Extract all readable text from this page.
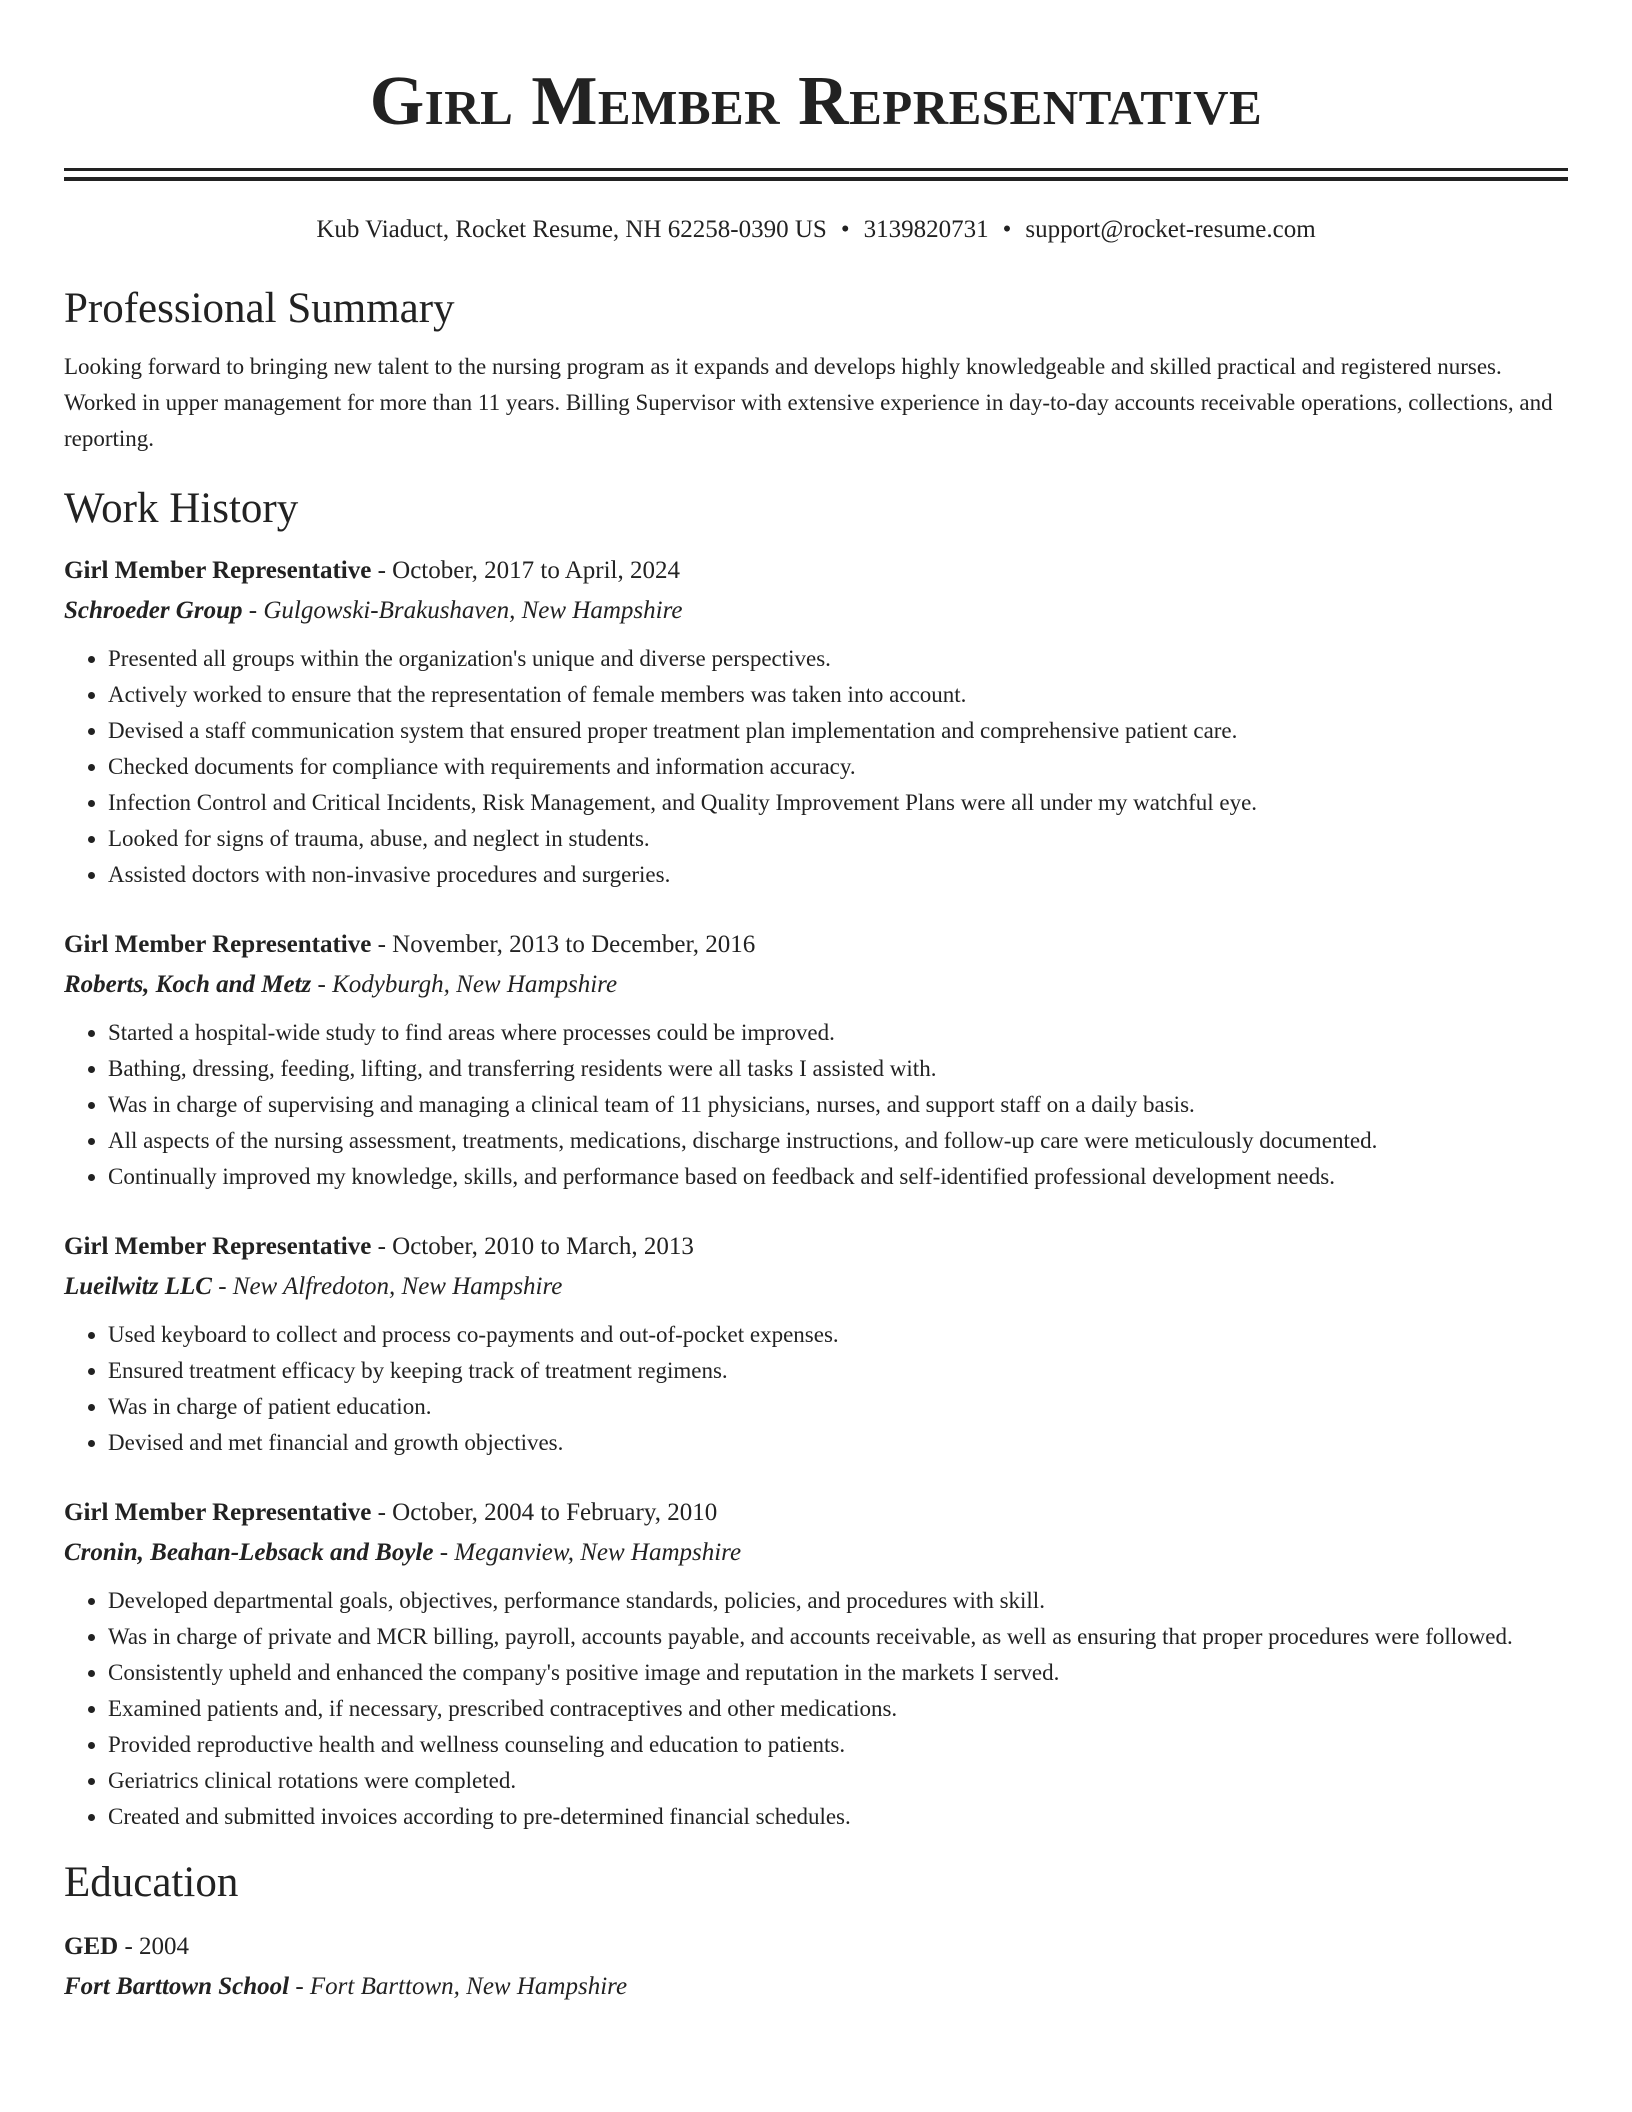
Girl Member Representative
Kub Viaduct, Rocket Resume, NH 62258-0390 US • 3139820731 • support@rocket-resume.com
Professional Summary

Looking forward to bringing new talent to the nursing program as it expands and develops highly knowledgeable and skilled practical and registered nurses. Worked in upper management for more than 11 years. Billing Supervisor with extensive experience in day-to-day accounts receivable operations, collections, and reporting.

Work History
Girl Member Representative - October, 2017 to April, 2024
Schroeder Group - Gulgowski-Brakushaven, New Hampshire
• Presented all groups within the organization's unique and diverse perspectives.
• Actively worked to ensure that the representation of female members was taken into account.
• Devised a staff communication system that ensured proper treatment plan implementation and comprehensive patient care.
• Checked documents for compliance with requirements and information accuracy.
• Infection Control and Critical Incidents, Risk Management, and Quality Improvement Plans were all under my watchful eye.
• Looked for signs of trauma, abuse, and neglect in students.
• Assisted doctors with non-invasive procedures and surgeries.
Girl Member Representative - November, 2013 to December, 2016
Roberts, Koch and Metz - Kodyburgh, New Hampshire
• Started a hospital-wide study to find areas where processes could be improved.
• Bathing, dressing, feeding, lifting, and transferring residents were all tasks I assisted with.
• Was in charge of supervising and managing a clinical team of 11 physicians, nurses, and support staff on a daily basis.
• All aspects of the nursing assessment, treatments, medications, discharge instructions, and follow-up care were meticulously documented.
• Continually improved my knowledge, skills, and performance based on feedback and self-identified professional development needs.
Girl Member Representative - October, 2010 to March, 2013
Lueilwitz LLC - New Alfredoton, New Hampshire
• Used keyboard to collect and process co-payments and out-of-pocket expenses.
• Ensured treatment efficacy by keeping track of treatment regimens.
• Was in charge of patient education.
• Devised and met financial and growth objectives.
Girl Member Representative - October, 2004 to February, 2010
Cronin, Beahan-Lebsack and Boyle - Meganview, New Hampshire
• Developed departmental goals, objectives, performance standards, policies, and procedures with skill.
• Was in charge of private and MCR billing, payroll, accounts payable, and accounts receivable, as well as ensuring that proper procedures were followed.
• Consistently upheld and enhanced the company's positive image and reputation in the markets I served.
• Examined patients and, if necessary, prescribed contraceptives and other medications.
• Provided reproductive health and wellness counseling and education to patients.
• Geriatrics clinical rotations were completed.
• Created and submitted invoices according to pre-determined financial schedules.
Education
GED - 2004
Fort Barttown School - Fort Barttown, New Hampshire
